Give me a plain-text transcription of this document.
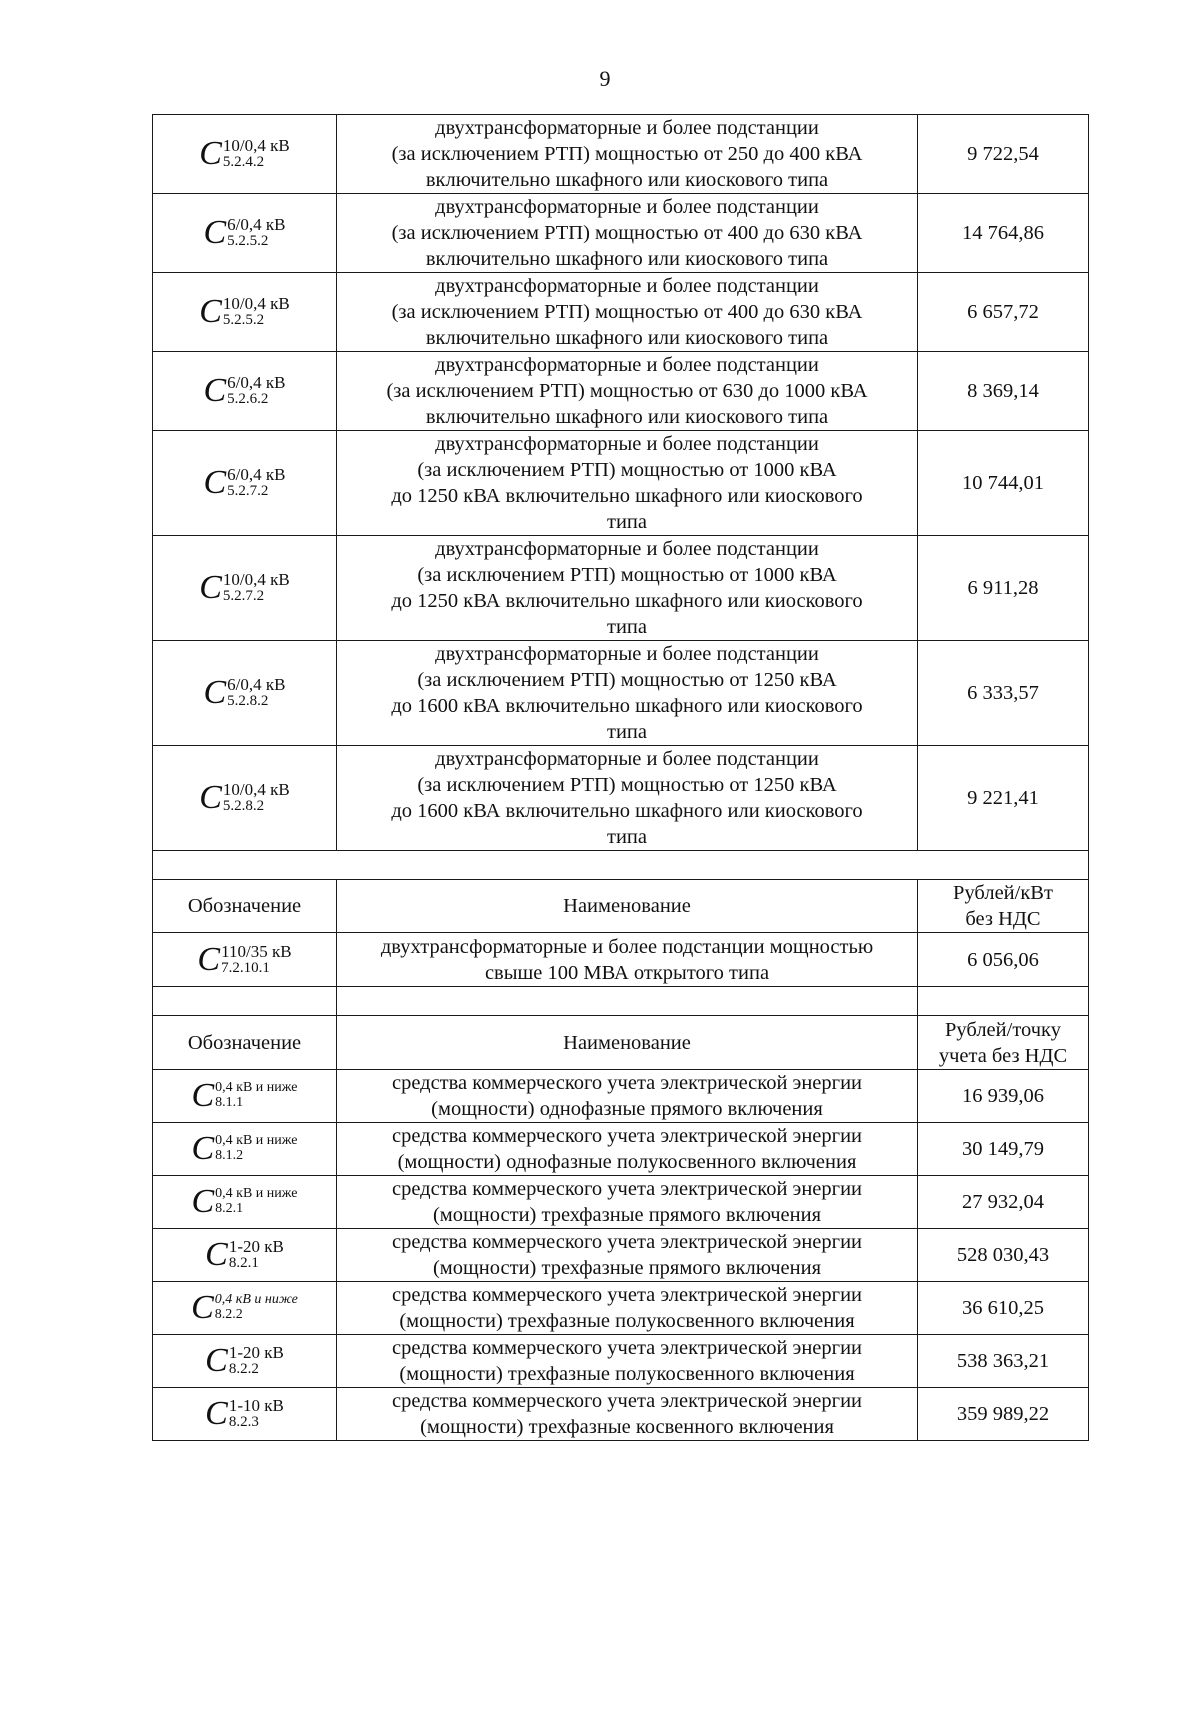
9
C 10/0,4 кВ
5.2.4.2	двухтрансформаторные и более подстанции
(за исключением РТП) мощностью от 250 до 400 кВА
включительно шкафного или киоскового типа	9 722,54

C 6/0,4 кВ
5.2.5.2	двухтрансформаторные и более подстанции
(за исключением РТП) мощностью от 400 до 630 кВА
включительно шкафного или киоскового типа	14 764,86

C 10/0,4 кВ
5.2.5.2	двухтрансформаторные и более подстанции
(за исключением РТП) мощностью от 400 до 630 кВА
включительно шкафного или киоскового типа	6 657,72

C 6/0,4 кВ
5.2.6.2	двухтрансформаторные и более подстанции
(за исключением РТП) мощностью от 630 до 1000 кВА
включительно шкафного или киоскового типа	8 369,14

C 6/0,4 кВ
5.2.7.2	двухтрансформаторные и более подстанции
(за исключением РТП) мощностью от 1000 кВА
до 1250 кВА включительно шкафного или киоскового
типа	10 744,01

C 10/0,4 кВ
5.2.7.2	двухтрансформаторные и более подстанции
(за исключением РТП) мощностью от 1000 кВА
до 1250 кВА включительно шкафного или киоскового
типа	6 911,28

C 6/0,4 кВ
5.2.8.2	двухтрансформаторные и более подстанции
(за исключением РТП) мощностью от 1250 кВА
до 1600 кВА включительно шкафного или киоскового
типа	6 333,57

C 10/0,4 кВ
5.2.8.2	двухтрансформаторные и более подстанции
(за исключением РТП) мощностью от 1250 кВА
до 1600 кВА включительно шкафного или киоскового
типа	9 221,41

Обозначение	Наименование	Рублей/кВт
без НДС

C 110/35 кВ
7.2.10.1	двухтрансформаторные и более подстанции мощностью
свыше 100 МВА открытого типа	6 056,06

Обозначение	Наименование	Рублей/точку
учета без НДС

C 0,4 кВ и ниже
8.1.1	средства коммерческого учета электрической энергии
(мощности) однофазные прямого включения	16 939,06

C 0,4 кВ и ниже
8.1.2	средства коммерческого учета электрической энергии
(мощности) однофазные полукосвенного включения	30 149,79

C 0,4 кВ и ниже
8.2.1	средства коммерческого учета электрической энергии
(мощности) трехфазные прямого включения	27 932,04

C 1-20 кВ
8.2.1	средства коммерческого учета электрической энергии
(мощности) трехфазные прямого включения	528 030,43

C 0,4 кВ и ниже
8.2.2	средства коммерческого учета электрической энергии
(мощности) трехфазные полукосвенного включения	36 610,25

C 1-20 кВ
8.2.2	средства коммерческого учета электрической энергии
(мощности) трехфазные полукосвенного включения	538 363,21

C 1-10 кВ
8.2.3	средства коммерческого учета электрической энергии
(мощности) трехфазные косвенного включения	359 989,22
